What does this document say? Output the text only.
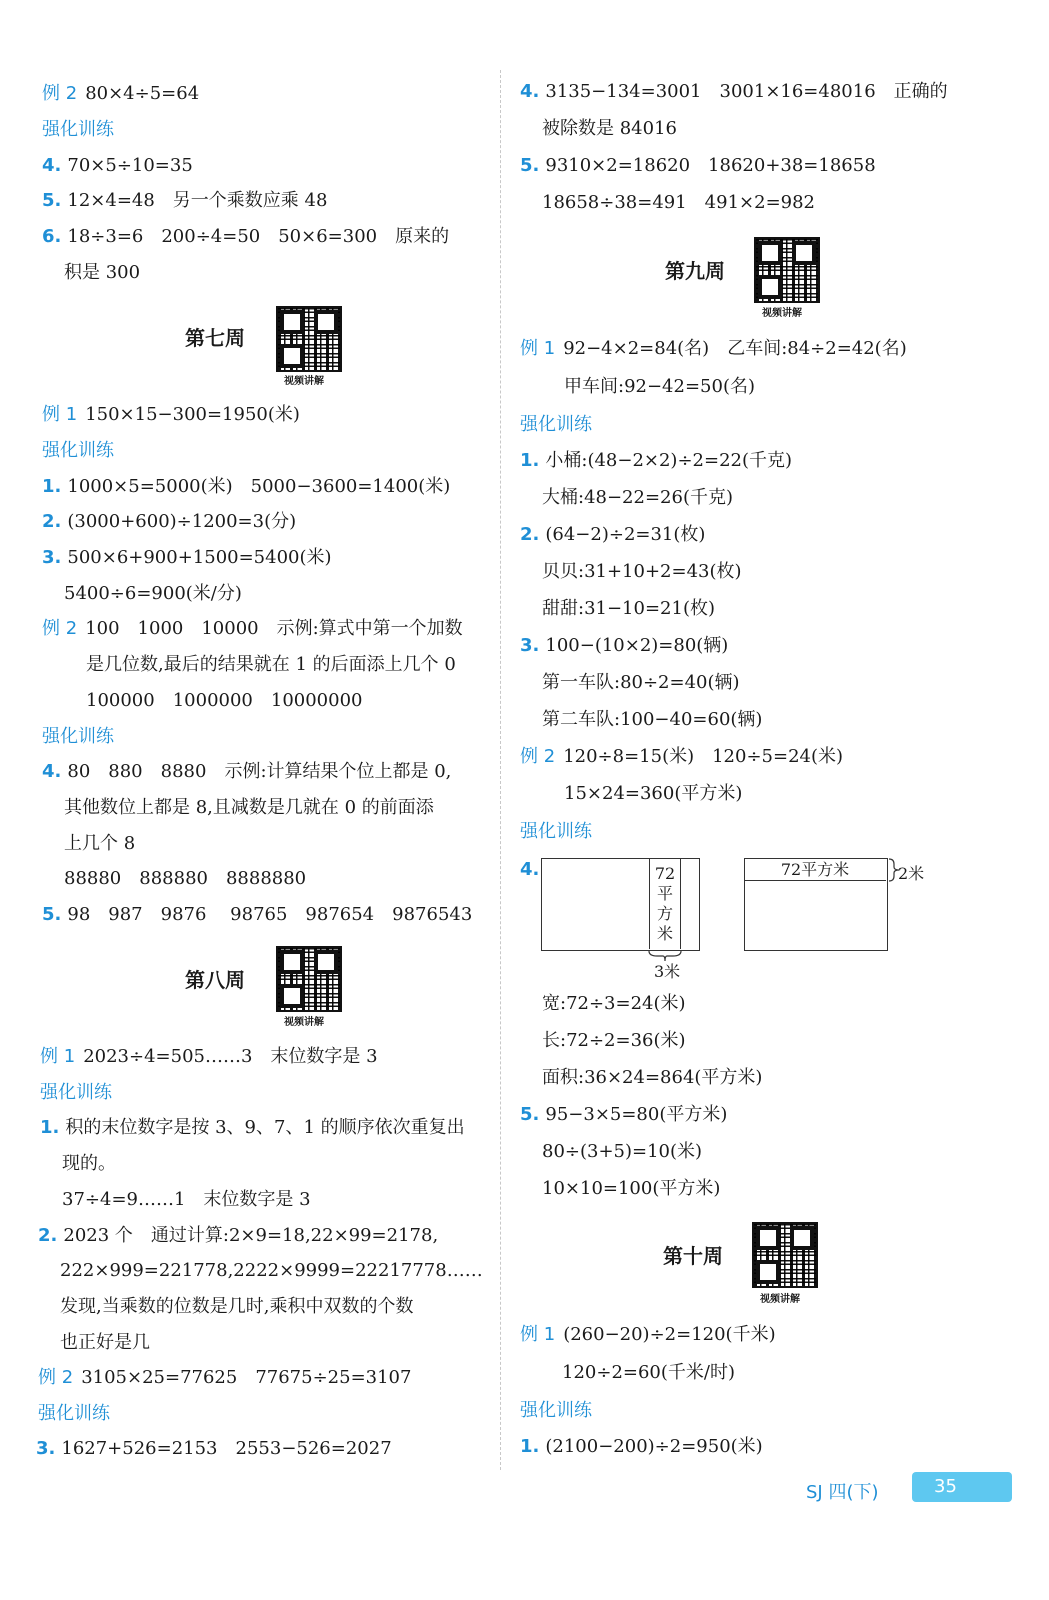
例 2 80×4÷5=64
强化训练
4. 70×5÷10=35
5. 12×4=48　另一个乘数应乘 48
6. 18÷3=6　200÷4=50　50×6=300　原来的
积是 300
第七周
视频讲解
例 1 150×15−300=1950(米)
强化训练
1. 1000×5=5000(米)　5000−3600=1400(米)
2. (3000+600)÷1200=3(分)
3. 500×6+900+1500=5400(米)
5400÷6=900(米/分)
例 2 100　1000　10000　示例:算式中第一个加数
是几位数,最后的结果就在 1 的后面添上几个 0
100000　1000000　10000000
强化训练
4. 80　880　8880　示例:计算结果个位上都是 0,
其他数位上都是 8,且减数是几就在 0 的前面添
上几个 8
88880　888880　8888880
5. 98　987　9876　 98765　987654　9876543
第八周
视频讲解
例 1 2023÷4=505……3　末位数字是 3
强化训练
1. 积的末位数字是按 3、9、7、1 的顺序依次重复出
现的。
37÷4=9……1　末位数字是 3
2. 2023 个　通过计算:2×9=18,22×99=2178,
222×999=221778,2222×9999=22217778……
发现,当乘数的位数是几时,乘积中双数的个数
也正好是几
例 2 3105×25=77625　77675÷25=3107
强化训练
3. 1627+526=2153　2553−526=2027
4. 3135−134=3001　3001×16=48016　正确的
被除数是 84016
5. 9310×2=18620　18620+38=18658
18658÷38=491　491×2=982
第九周
视频讲解
例 1 92−4×2=84(名)　乙车间:84÷2=42(名)
甲车间:92−42=50(名)
强化训练
1. 小桶:(48−2×2)÷2=22(千克)
大桶:48−22=26(千克)
2. (64−2)÷2=31(枚)
贝贝:31+10+2=43(枚)
甜甜:31−10=21(枚)
3. 100−(10×2)=80(辆)
第一车队:80÷2=40(辆)
第二车队:100−40=60(辆)
例 2 120÷8=15(米)　120÷5=24(米)
15×24=360(平方米)
强化训练
4.	72平方米
3米
72平方米	2米
宽:72÷3=24(米)
长:72÷2=36(米)
面积:36×24=864(平方米)
5. 95−3×5=80(平方米)
80÷(3+5)=10(米)
10×10=100(平方米)
第十周
视频讲解
例 1 (260−20)÷2=120(千米)
120÷2=60(千米/时)
强化训练
1. (2100−200)÷2=950(米)
SJ 四(下)	35
